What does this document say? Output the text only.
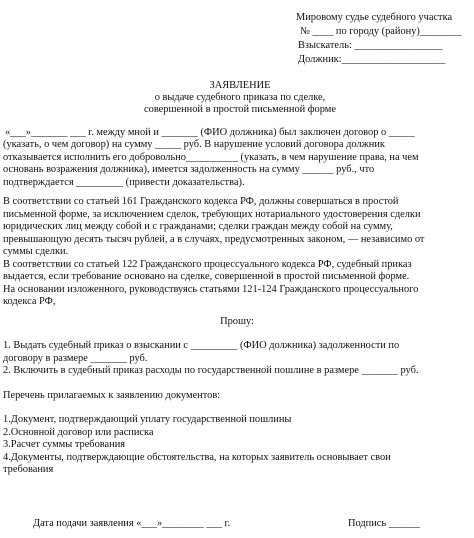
Мировому судье судебного участка
№ ____ по городу (району)________
Взыскатель: _________________
Должник:____________________
ЗАЯВЛЕНИЕ
о выдаче судебного приказа по сделке,
совершенной в простой письменной форме

«___»_______ ___ г. между мной и _______ (ФИО должника) был заключен договор о _____
(указать, о чем договор) на сумму _____ руб. В нарушение условий договора должник
отказывается исполнить его добровольно__________ (указать, в чем нарушение права, на чем
основань возражения должника), имеется задолженность на сумму ______ руб., что
подтверждается _________ (привести доказательства).

В соответствии со статьей 161 Гражданского кодекса РФ, должны совершаться в простой
письменной форме, за исключением сделок, требующих нотариального удостоверения сделки
юридических лиц между собой и с гражданами; сделки граждан между собой на сумму,
превышающую десять тысяч рублей, а в случаях, предусмотренных законом, — независимо от
суммы сделки.

В соответствии со статьей 122 Гражданского процессуального кодекса РФ, судебный приказ
выдается, если требование основано на сделке, совершенной в простой письменной форме.

На основании изложенного, руководствуясь статьями 121-124 Гражданского процессуального
кодекса РФ,

Прошу:

1. Выдать судебный приказ о взыскании с _________ (ФИО должника) задолженности по
договору в размере _______ руб.

2. Включить в судебный приказ расходы по государственной пошлине в размере _______ руб.

Перечень прилагаемых к заявлению документов:

1.Документ, подтверждающий уплату государственной пошлины

2.Основной договор или расписка

3.Расчет суммы требования

4.Документы, подтверждающие обстоятельства, на которых заявитель основывает свои
требования

Дата подачи заявления «___»________ ___ г.	Подпись ______
